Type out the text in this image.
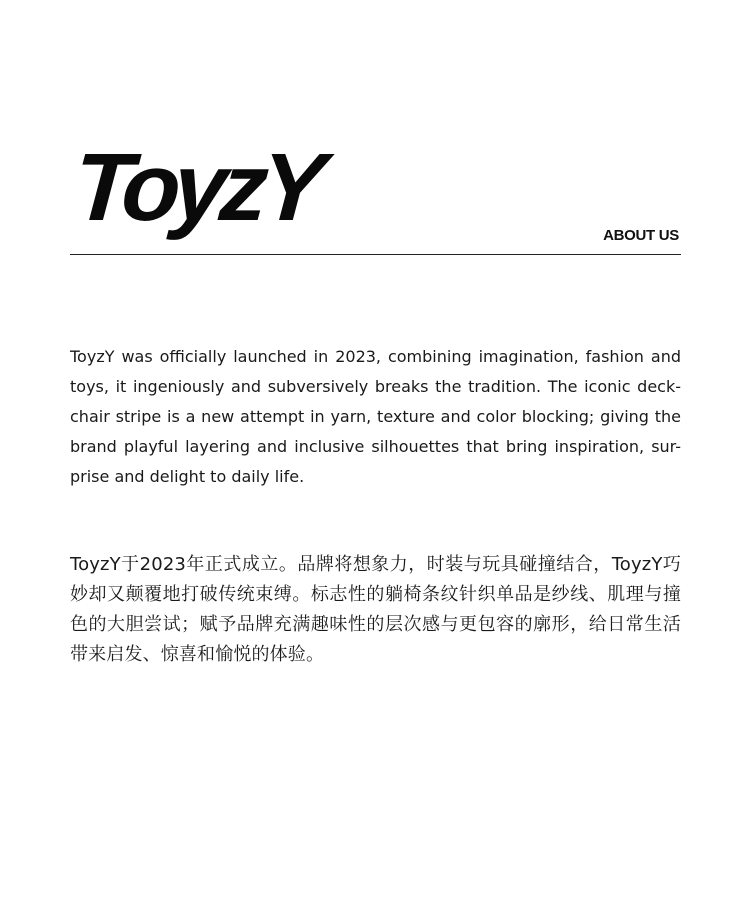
ToyzY	ABOUT US

ToyzY was officially launched in 2023, combining imagination, fashion and toys, it ingeniously and subversively breaks the tradition. The iconic deck-chair stripe is a new attempt in yarn, texture and color blocking; giving the brand playful layering and inclusive silhouettes that bring inspiration, sur-prise and delight to daily life.

ToyzY于2023年正式成立。品牌将想象力，时装与玩具碰撞结合，ToyzY巧妙却又颠覆地打破传统束缚。标志性的躺椅条纹针织单品是纱线、肌理与撞色的大胆尝试；赋予品牌充满趣味性的层次感与更包容的廓形，给日常生活带来启发、惊喜和愉悦的体验。
